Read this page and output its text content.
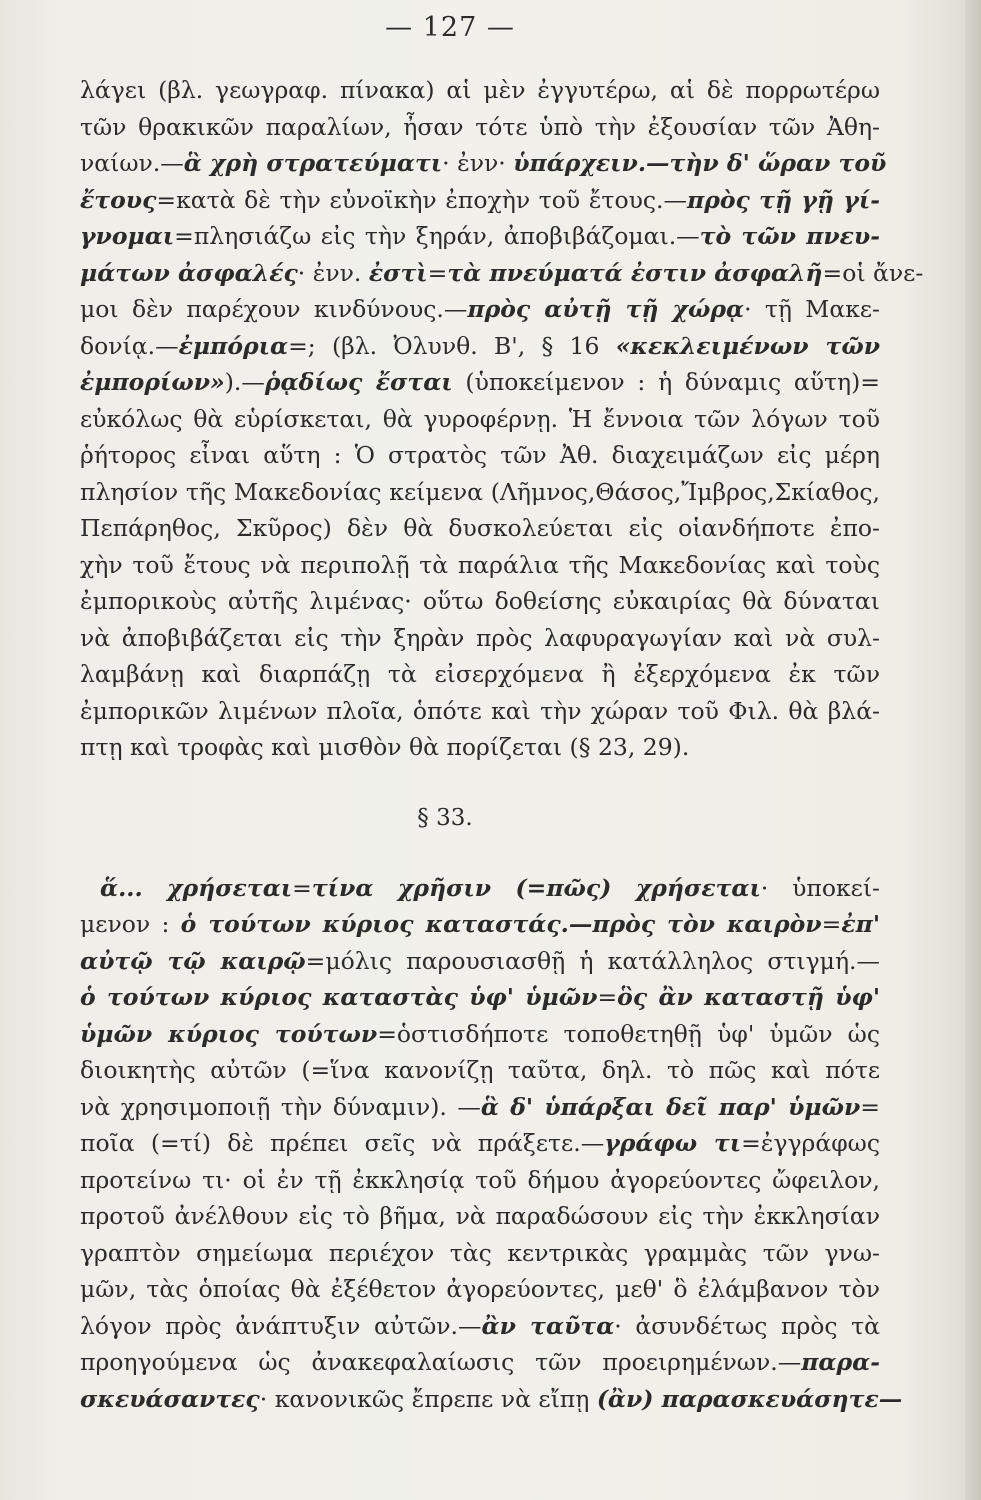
— 127 —
λάγει (βλ. γεωγραφ. πίνακα) αἱ μὲν ἐγγυτέρω, αἱ δὲ πορρωτέρω
τῶν θρακικῶν παραλίων, ἦσαν τότε ὑπὸ τὴν ἐξουσίαν τῶν Ἀθη-
ναίων.—ἃ χρὴ στρατεύματι· ἐνν· ὑπάρχειν.—τὴν δ' ὥραν τοῦ
ἔτους=κατὰ δὲ τὴν εὐνοϊκὴν ἐποχὴν τοῦ ἔτους.—πρὸς τῇ γῇ γί-
γνομαι=πλησιάζω εἰς τὴν ξηράν, ἀποβιβάζομαι.—τὸ τῶν πνευ-
μάτων ἀσφαλές· ἐνν. ἐστὶ=τὰ πνεύματά ἐστιν ἀσφαλῆ=οἱ ἄνε-
μοι δὲν παρέχουν κινδύνους.—πρὸς αὐτῇ τῇ χώρᾳ· τῇ Μακε-
δονίᾳ.—ἐμπόρια=; (βλ. Ὀλυνθ. Β', § 16 «κεκλειμένων τῶν
ἐμπορίων»).—ῥᾳδίως ἔσται (ὑποκείμενον : ἡ δύναμις αὕτη)=
εὐκόλως θὰ εὑρίσκεται, θὰ γυροφέρνῃ. Ἡ ἔννοια τῶν λόγων τοῦ
ῥήτορος εἶναι αὕτη : Ὁ στρατὸς τῶν Ἀθ. διαχειμάζων εἰς μέρη
πλησίον τῆς Μακεδονίας κείμενα (Λῆμνος,Θάσος,Ἴμβρος,Σκίαθος,
Πεπάρηθος, Σκῦρος) δὲν θὰ δυσκολεύεται εἰς οἱανδήποτε ἐπο-
χὴν τοῦ ἔτους νὰ περιπολῇ τὰ παράλια τῆς Μακεδονίας καὶ τοὺς
ἐμπορικοὺς αὐτῆς λιμένας· οὕτω δοθείσης εὐκαιρίας θὰ δύναται
νὰ ἀποβιβάζεται εἰς τὴν ξηρὰν πρὸς λαφυραγωγίαν καὶ νὰ συλ-
λαμβάνῃ καὶ διαρπάζῃ τὰ εἰσερχόμενα ἢ ἐξερχόμενα ἐκ τῶν
ἐμπορικῶν λιμένων πλοῖα, ὁπότε καὶ τὴν χώραν τοῦ Φιλ. θὰ βλά-
πτῃ καὶ τροφὰς καὶ μισθὸν θὰ πορίζεται (§ 23, 29).
§ 33.
ἅ... χρήσεται=τίνα χρῆσιν (=πῶς) χρήσεται· ὑποκεί-
μενον : ὁ τούτων κύριος καταστάς.—πρὸς τὸν καιρὸν=ἐπ'
αὐτῷ τῷ καιρῷ=μόλις παρουσιασθῇ ἡ κατάλληλος στιγμή.—
ὁ τούτων κύριος καταστὰς ὑφ' ὑμῶν=ὃς ἂν καταστῇ ὑφ'
ὑμῶν κύριος τούτων=ὁστισδήποτε τοποθετηθῇ ὑφ' ὑμῶν ὡς
διοικητὴς αὐτῶν (=ἵνα κανονίζῃ ταῦτα, δηλ. τὸ πῶς καὶ πότε
νὰ χρησιμοποιῇ τὴν δύναμιν). —ἃ δ' ὑπάρξαι δεῖ παρ' ὑμῶν=
ποῖα (=τί) δὲ πρέπει σεῖς νὰ πράξετε.—γράφω τι=ἐγγράφως
προτείνω τι· οἱ ἐν τῇ ἐκκλησίᾳ τοῦ δήμου ἀγορεύοντες ὤφειλον,
προτοῦ ἀνέλθουν εἰς τὸ βῆμα, νὰ παραδώσουν εἰς τὴν ἐκκλησίαν
γραπτὸν σημείωμα περιέχον τὰς κεντρικὰς γραμμὰς τῶν γνω-
μῶν, τὰς ὁποίας θὰ ἐξέθετον ἀγορεύοντες, μεθ' ὃ ἐλάμβανον τὸν
λόγον πρὸς ἀνάπτυξιν αὐτῶν.—ἂν ταῦτα· ἀσυνδέτως πρὸς τὰ
προηγούμενα ὡς ἀνακεφαλαίωσις τῶν προειρημένων.—παρα-
σκευάσαντες· κανονικῶς ἔπρεπε νὰ εἴπῃ (ἂν) παρασκευάσητε—
